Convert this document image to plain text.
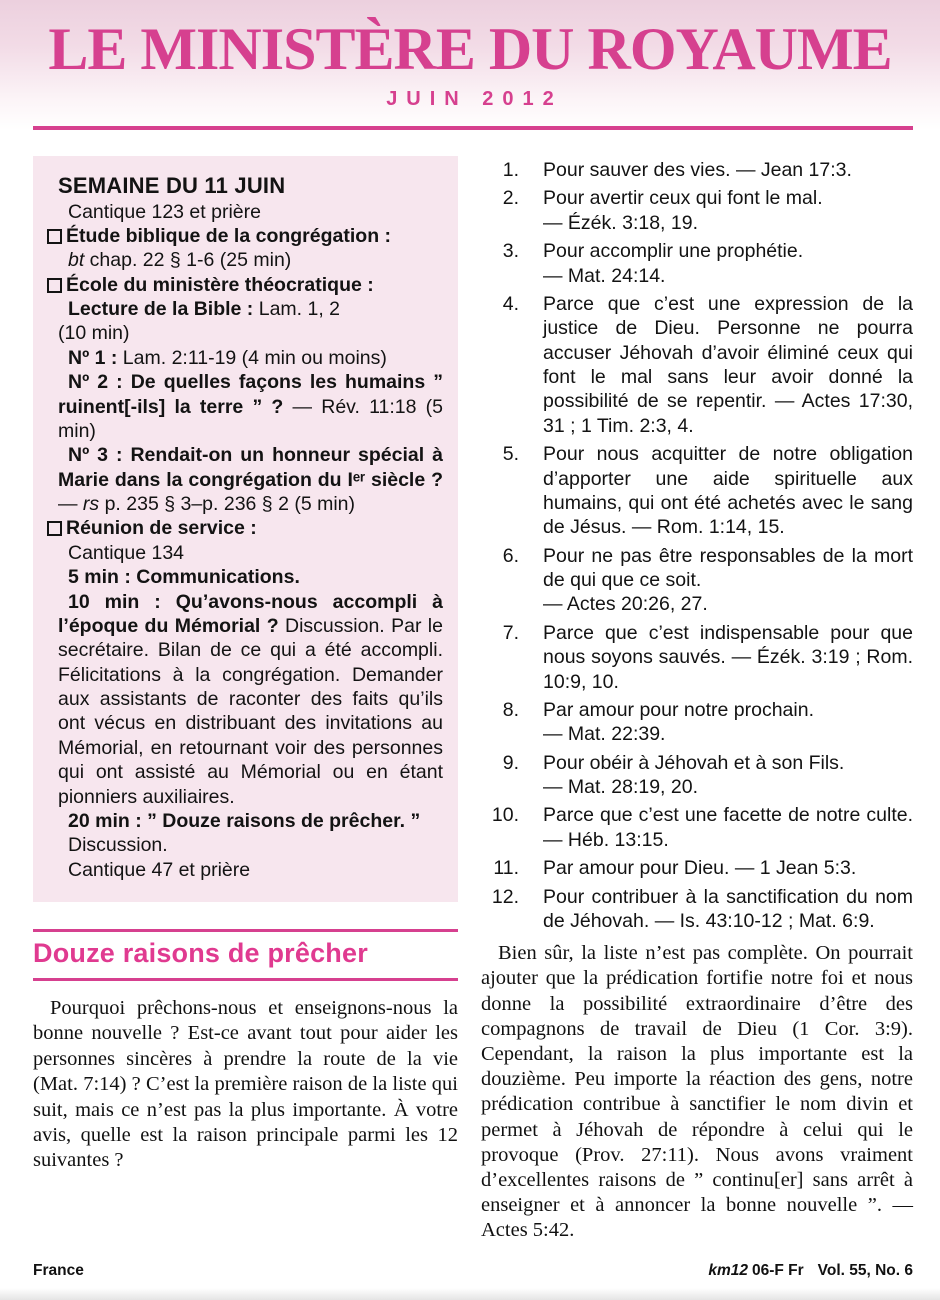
LE MINISTÈRE DU ROYAUME
JUIN 2012

SEMAINE DU 11 JUIN

Cantique 123 et prière

Étude biblique de la congrégation :

bt chap. 22 § 1-6 (25 min)

École du ministère théocratique :

Lecture de la Bible : Lam. 1, 2

(10 min)

Nº 1 : Lam. 2:11-19 (4 min ou moins)

Nº 2 : De quelles façons les humains ” ruinent[-ils] la terre ” ? — Rév. 11:18 (5 min)

Nº 3 : Rendait-on un honneur spécial à Marie dans la congrégation du Iᵉʳ siècle ? — rs p. 235 § 3–p. 236 § 2 (5 min)

Réunion de service :

Cantique 134

5 min : Communications.

10 min : Qu’avons-nous accompli à l’époque du Mémorial ? Discussion. Par le secrétaire. Bilan de ce qui a été accompli. Félicitations à la congrégation. Demander aux assistants de raconter des faits qu’ils ont vécus en distribuant des invitations au Mémorial, en retournant voir des personnes qui ont assisté au Mémorial ou en étant pionniers auxiliaires.

20 min : ” Douze raisons de prêcher. ”
Discussion.

Cantique 47 et prière

Douze raisons de prêcher

Pourquoi prêchons-nous et enseignons-nous la bonne nouvelle ? Est-ce avant tout pour aider les personnes sincères à prendre la route de la vie (Mat. 7:14) ? C’est la première raison de la liste qui suit, mais ce n’est pas la plus importante. À votre avis, quelle est la raison principale parmi les 12 suivantes ?

1. Pour sauver des vies. — Jean 17:3.
2. Pour avertir ceux qui font le mal.
— Ézék. 3:18, 19.
3. Pour accomplir une prophétie.
— Mat. 24:14.
4. Parce que c’est une expression de la justice de Dieu. Personne ne pourra accuser Jéhovah d’avoir éliminé ceux qui font le mal sans leur avoir donné la possibilité de se repentir. — Actes 17:30, 31 ; 1 Tim. 2:3, 4.
5. Pour nous acquitter de notre obligation d’apporter une aide spirituelle aux humains, qui ont été achetés avec le sang de Jésus. — Rom. 1:14, 15.
6. Pour ne pas être responsables de la mort de qui que ce soit.
— Actes 20:26, 27.
7. Parce que c’est indispensable pour que nous soyons sauvés. — Ézék. 3:19 ; Rom. 10:9, 10.
8. Par amour pour notre prochain.
— Mat. 22:39.
9. Pour obéir à Jéhovah et à son Fils.
— Mat. 28:19, 20.
10. Parce que c’est une facette de notre culte. — Héb. 13:15.
11. Par amour pour Dieu. — 1 Jean 5:3.
12. Pour contribuer à la sanctification du nom de Jéhovah. — Is. 43:10-12 ; Mat. 6:9.

Bien sûr, la liste n’est pas complète. On pourrait ajouter que la prédication fortifie notre foi et nous donne la possibilité extraordinaire d’être des compagnons de travail de Dieu (1 Cor. 3:9). Cependant, la raison la plus importante est la douzième. Peu importe la réaction des gens, notre prédication contribue à sanctifier le nom divin et permet à Jéhovah de répondre à celui qui le provoque (Prov. 27:11). Nous avons vraiment d’excellentes raisons de ” continu[er] sans arrêt à enseigner et à annoncer la bonne nouvelle ”. — Actes 5:42.

France	km12 06-F Fr Vol. 55, No. 6
